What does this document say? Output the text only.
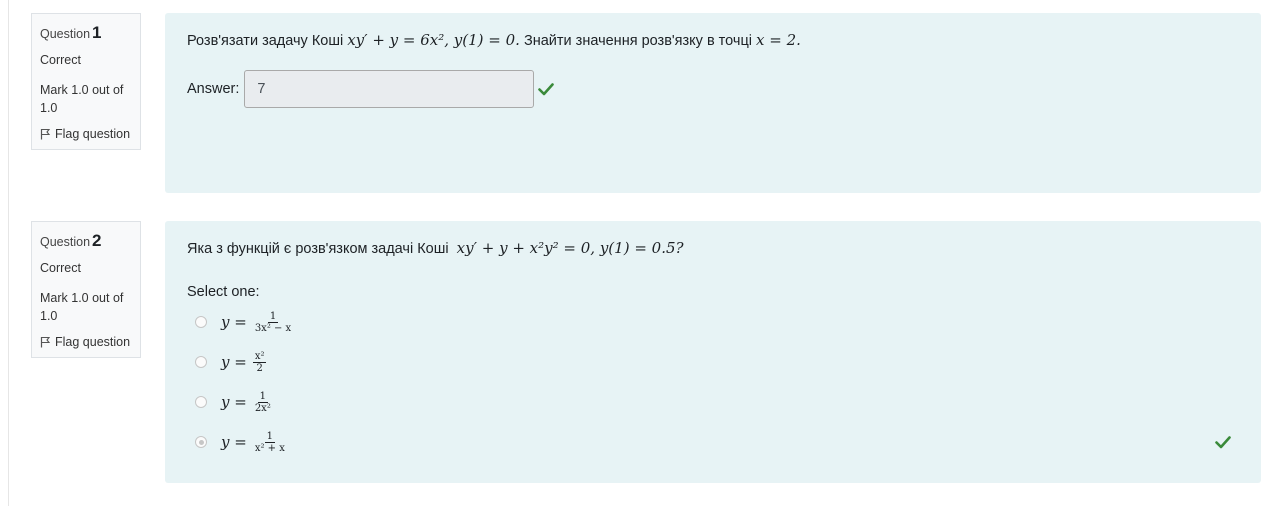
Question 1
Correct
Mark 1.0 out of 1.0
Flag question
Розв'язати задачу Коші xy′ + y = 6x², y(1) = 0. Знайти значення розв'язку в точці x = 2.
Answer:	7
Question 2
Correct
Mark 1.0 out of 1.0
Flag question
Яка з функцій є розв'язком задачі Коші  xy′ + y + x²y² = 0, y(1) = 0.5?
Select one:
$y = \frac{1}{\text{3x² − x}}$
$y = \frac{\text{x²}}{2}$
$y = \frac{1}{\text{2x²}}$
$y = \frac{1}{\text{x² + x}}$
